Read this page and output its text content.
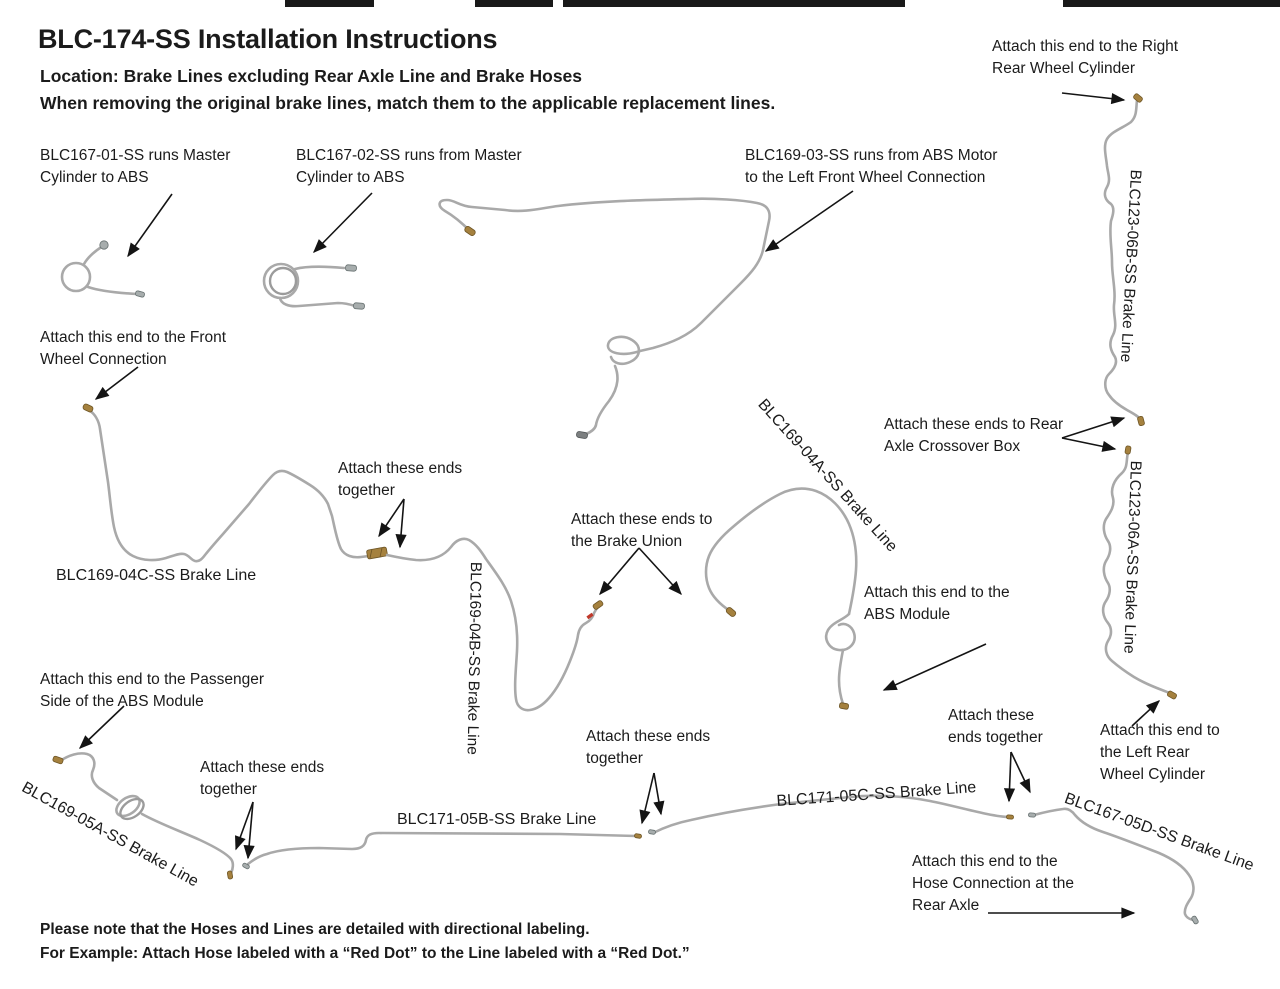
BLC-174-SS Installation Instructions
Location: Brake Lines excluding Rear Axle Line and Brake Hoses
When removing the original brake lines, match them to the applicable replacement lines.
BLC167-01-SS runs Master Cylinder to ABS
BLC167-02-SS runs from Master Cylinder to ABS
BLC169-03-SS runs from ABS Motor to the Left Front Wheel Connection
Attach this end to the Right Rear Wheel Cylinder
Attach this end to the Front Wheel Connection
Attach these ends together
Attach these ends to the Brake Union
Attach these ends to Rear Axle Crossover Box
Attach this end to the ABS Module
Attach this end to the Passenger Side of the ABS Module
Attach these ends together
Attach these ends together
Attach these ends together	Attach this end to the Left Rear Wheel Cylinder
Attach this end to the Hose Connection at the Rear Axle
BLC169-04C-SS Brake Line
BLC171-05B-SS Brake Line
BLC171-05C-SS Brake Line	BLC167-05D-SS Brake Line
BLC169-05A-SS Brake Line
BLC169-04A-SS Brake Line
BLC169-04B-SS Brake Line
BLC123-06B-SS Brake Line
BLC123-06A-SS Brake Line
Please note that the Hoses and Lines are detailed with directional labeling.
For Example: Attach Hose labeled with a “Red Dot” to the Line labeled with a “Red Dot.”
